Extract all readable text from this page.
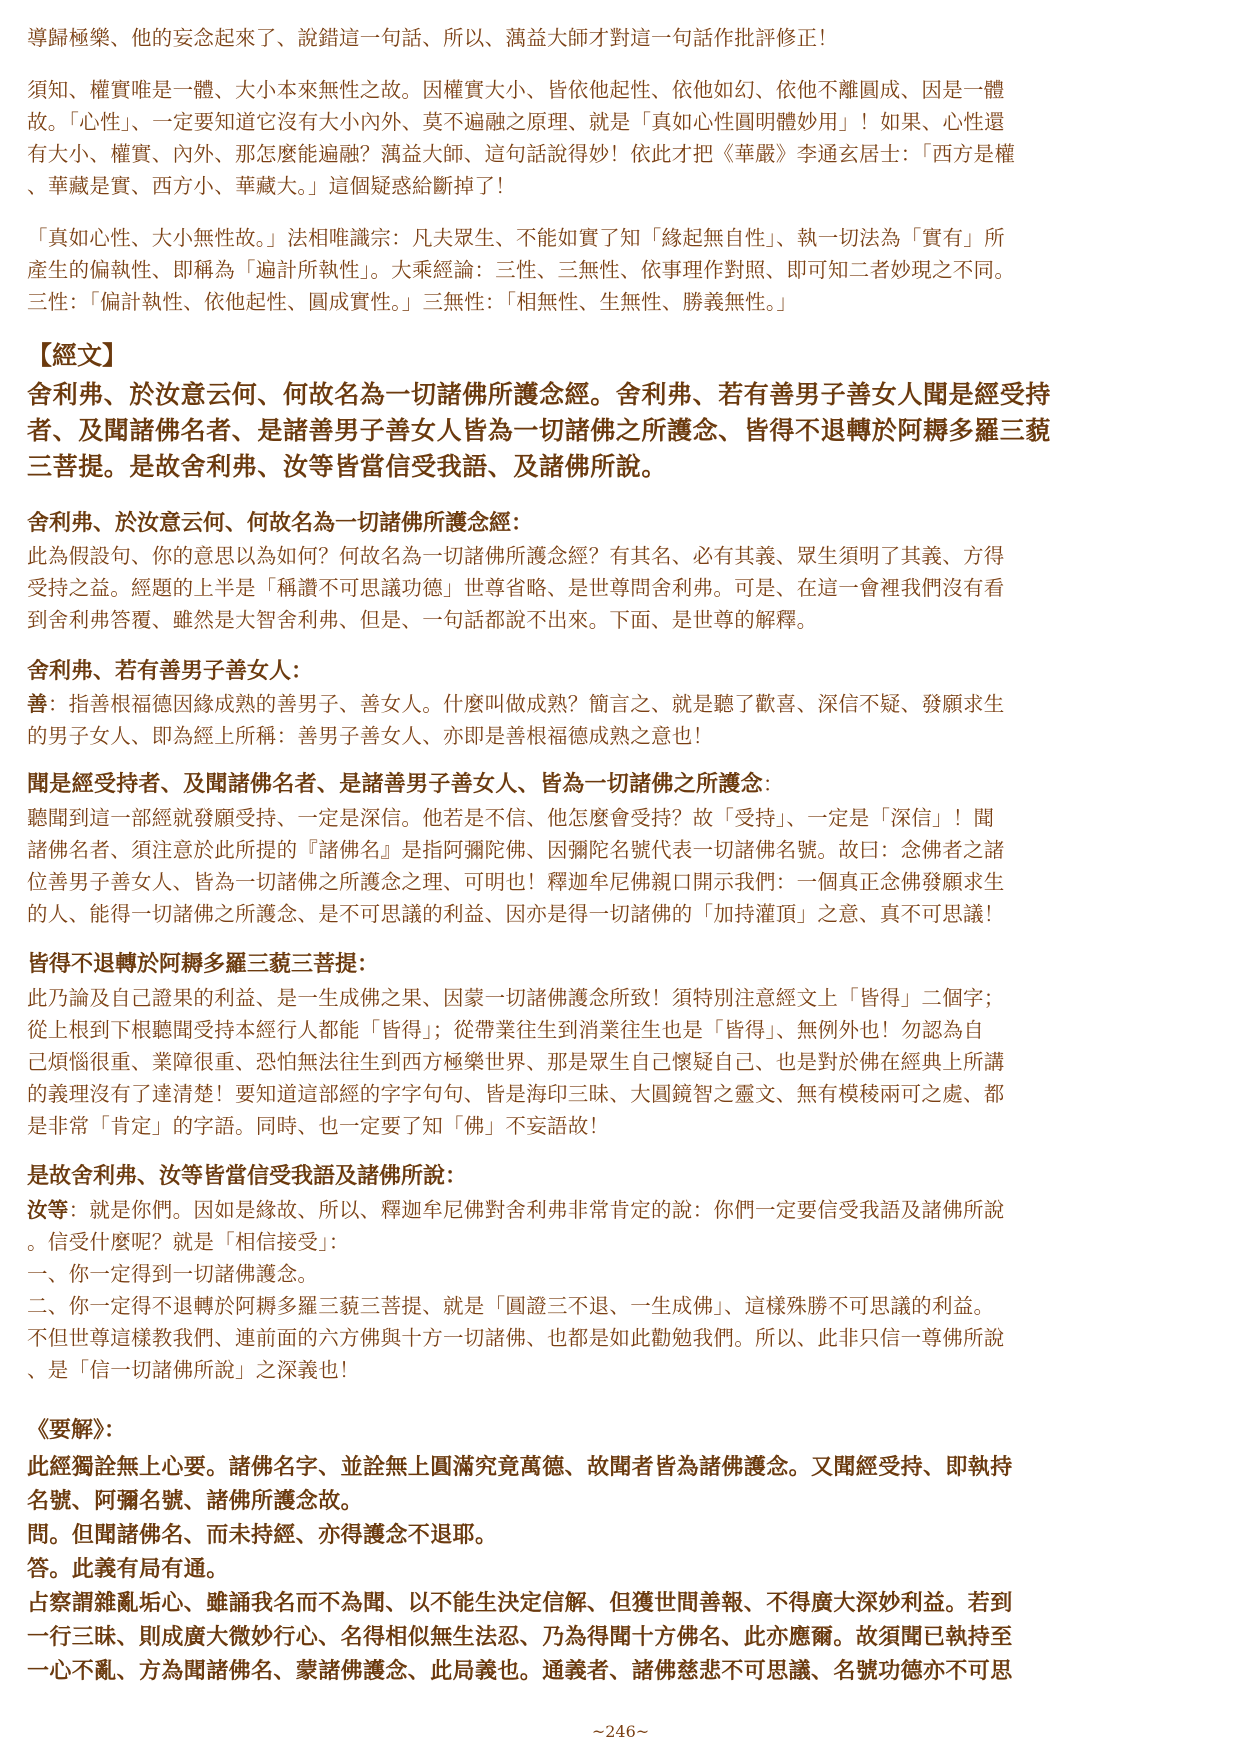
導歸極樂、他的妄念起來了、說錯這一句話、所以、蕅益大師才對這一句話作批評修正！
須知、權實唯是一體、大小本來無性之故。因權實大小、皆依他起性、依他如幻、依他不離圓成、因是一體
故。「心性」、一定要知道它沒有大小內外、莫不遍融之原理、就是「真如心性圓明體妙用」！如果、心性還
有大小、權實、內外、那怎麼能遍融？蕅益大師、這句話說得妙！依此才把《華嚴》李通玄居士：「西方是權
、華藏是實、西方小、華藏大。」這個疑惑給斷掉了！
「真如心性、大小無性故。」法相唯識宗：凡夫眾生、不能如實了知「緣起無自性」、執一切法為「實有」所
產生的偏執性、即稱為「遍計所執性」。大乘經論：三性、三無性、依事理作對照、即可知二者妙現之不同。
三性：「偏計執性、依他起性、圓成實性。」三無性：「相無性、生無性、勝義無性。」
【經文】
舍利弗、於汝意云何、何故名為一切諸佛所護念經。舍利弗、若有善男子善女人聞是經受持
者、及聞諸佛名者、是諸善男子善女人皆為一切諸佛之所護念、皆得不退轉於阿耨多羅三藐
三菩提。是故舍利弗、汝等皆當信受我語、及諸佛所說。
舍利弗、於汝意云何、何故名為一切諸佛所護念經：
此為假設句、你的意思以為如何？何故名為一切諸佛所護念經？有其名、必有其義、眾生須明了其義、方得
受持之益。經題的上半是「稱讚不可思議功德」世尊省略、是世尊問舍利弗。可是、在這一會裡我們沒有看
到舍利弗答覆、雖然是大智舍利弗、但是、一句話都說不出來。下面、是世尊的解釋。
舍利弗、若有善男子善女人：
善：指善根福德因緣成熟的善男子、善女人。什麼叫做成熟？簡言之、就是聽了歡喜、深信不疑、發願求生
的男子女人、即為經上所稱：善男子善女人、亦即是善根福德成熟之意也！
聞是經受持者、及聞諸佛名者、是諸善男子善女人、皆為一切諸佛之所護念：
聽聞到這一部經就發願受持、一定是深信。他若是不信、他怎麼會受持？故「受持」、一定是「深信」！聞
諸佛名者、須注意於此所提的『諸佛名』是指阿彌陀佛、因彌陀名號代表一切諸佛名號。故曰：念佛者之諸
位善男子善女人、皆為一切諸佛之所護念之理、可明也！釋迦牟尼佛親口開示我們：一個真正念佛發願求生
的人、能得一切諸佛之所護念、是不可思議的利益、因亦是得一切諸佛的「加持灌頂」之意、真不可思議！
皆得不退轉於阿耨多羅三藐三菩提：
此乃論及自己證果的利益、是一生成佛之果、因蒙一切諸佛護念所致！須特別注意經文上「皆得」二個字；
從上根到下根聽聞受持本經行人都能「皆得」；從帶業往生到消業往生也是「皆得」、無例外也！勿認為自
己煩惱很重、業障很重、恐怕無法往生到西方極樂世界、那是眾生自己懷疑自己、也是對於佛在經典上所講
的義理沒有了達清楚！要知道這部經的字字句句、皆是海印三昧、大圓鏡智之靈文、無有模稜兩可之處、都
是非常「肯定」的字語。同時、也一定要了知「佛」不妄語故！
是故舍利弗、汝等皆當信受我語及諸佛所說：
汝等：就是你們。因如是緣故、所以、釋迦牟尼佛對舍利弗非常肯定的說：你們一定要信受我語及諸佛所說
。信受什麼呢？就是「相信接受」：
一、你一定得到一切諸佛護念。
二、你一定得不退轉於阿耨多羅三藐三菩提、就是「圓證三不退、一生成佛」、這樣殊勝不可思議的利益。
不但世尊這樣教我們、連前面的六方佛與十方一切諸佛、也都是如此勸勉我們。所以、此非只信一尊佛所說
、是「信一切諸佛所說」之深義也！
《要解》：
此經獨詮無上心要。諸佛名字、並詮無上圓滿究竟萬德、故聞者皆為諸佛護念。又聞經受持、即執持
名號、阿彌名號、諸佛所護念故。
問。但聞諸佛名、而未持經、亦得護念不退耶。
答。此義有局有通。
占察謂雜亂垢心、雖誦我名而不為聞、以不能生決定信解、但獲世間善報、不得廣大深妙利益。若到
一行三昧、則成廣大微妙行心、名得相似無生法忍、乃為得聞十方佛名、此亦應爾。故須聞已執持至
一心不亂、方為聞諸佛名、蒙諸佛護念、此局義也。通義者、諸佛慈悲不可思議、名號功德亦不可思
~246~
